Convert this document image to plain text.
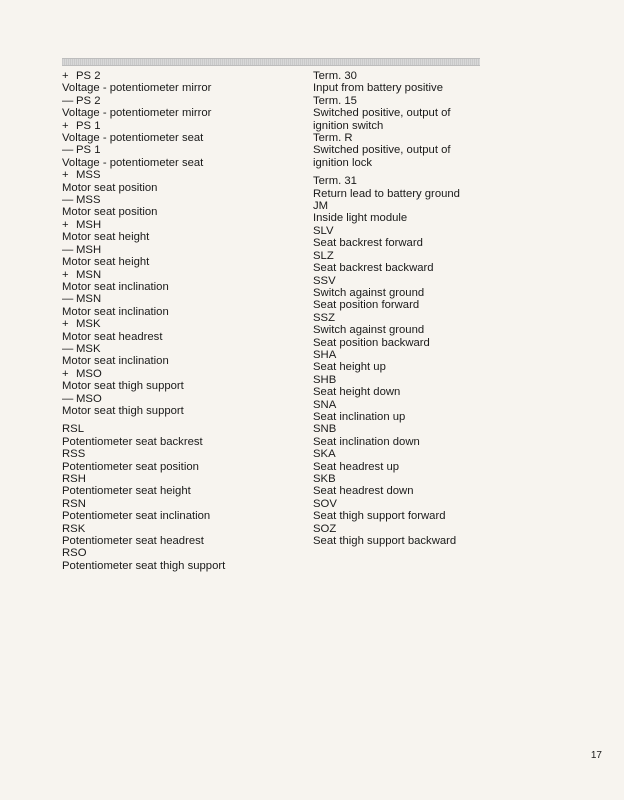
+ PS 2
Voltage - potentiometer mirror
— PS 2
Voltage - potentiometer mirror
+ PS 1
Voltage - potentiometer seat
— PS 1
Voltage - potentiometer seat
+ MSS
Motor seat position
— MSS
Motor seat position
+ MSH
Motor seat height
— MSH
Motor seat height
+ MSN
Motor seat inclination
— MSN
Motor seat inclination
+ MSK
Motor seat headrest
— MSK
Motor seat inclination
+ MSO
Motor seat thigh support
— MSO
Motor seat thigh support
RSL
Potentiometer seat backrest
RSS
Potentiometer seat position
RSH
Potentiometer seat height
RSN
Potentiometer seat inclination
RSK
Potentiometer seat headrest
RSO
Potentiometer seat thigh support
Term. 30
Input from battery positive
Term. 15
Switched positive, output of
ignition switch
Term. R
Switched positive, output of
ignition lock
Term. 31
Return lead to battery ground
JM
Inside light module
SLV
Seat backrest forward
SLZ
Seat backrest backward
SSV
Switch against ground
Seat position forward
SSZ
Switch against ground
Seat position backward
SHA
Seat height up
SHB
Seat height down
SNA
Seat inclination up
SNB
Seat inclination down
SKA
Seat headrest up
SKB
Seat headrest down
SOV
Seat thigh support forward
SOZ
Seat thigh support backward
17
